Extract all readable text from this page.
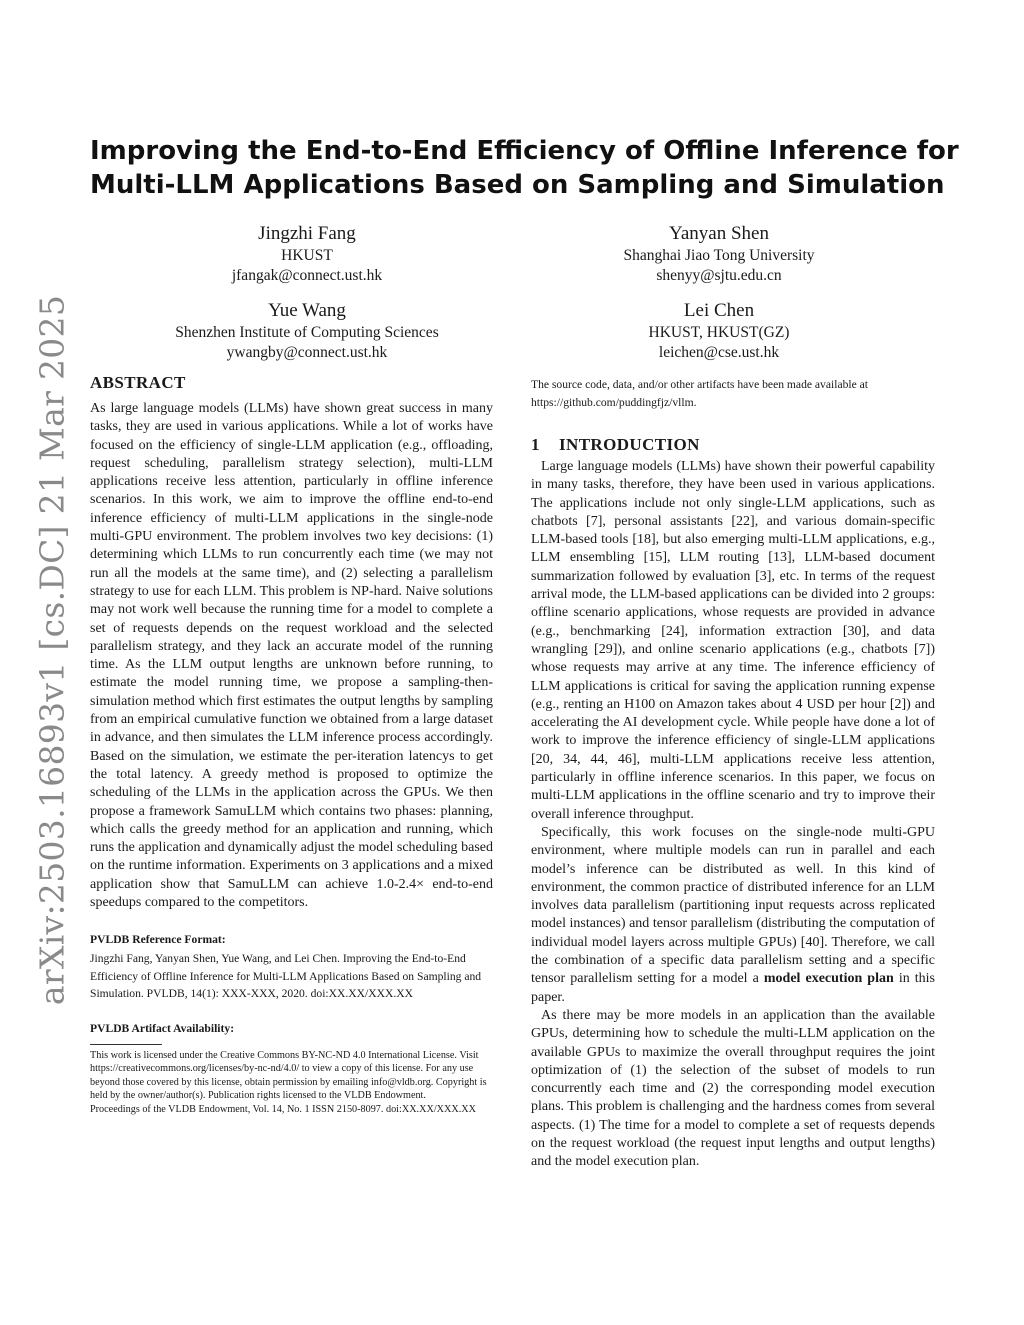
arXiv:2503.16893v1 [cs.DC] 21 Mar 2025
Improving the End-to-End Efficiency of Offline Inference for
Multi-LLM Applications Based on Sampling and Simulation
Jingzhi Fang
HKUST
jfangak@connect.ust.hk
Yanyan Shen
Shanghai Jiao Tong University
shenyy@sjtu.edu.cn
Yue Wang
Shenzhen Institute of Computing Sciences
ywangby@connect.ust.hk
Lei Chen
HKUST, HKUST(GZ)
leichen@cse.ust.hk
ABSTRACT

As large language models (LLMs) have shown great success in many tasks, they are used in various applications. While a lot of works have focused on the efficiency of single-LLM application (e.g., offloading, request scheduling, parallelism strategy selection), multi-LLM applications receive less attention, particularly in offline inference scenarios. In this work, we aim to improve the offline end-to-end inference efficiency of multi-LLM applications in the single-node multi-GPU environment. The problem involves two key decisions: (1) determining which LLMs to run concurrently each time (we may not run all the models at the same time), and (2) selecting a parallelism strategy to use for each LLM. This problem is NP-hard. Naive solutions may not work well because the running time for a model to complete a set of requests depends on the request workload and the selected parallelism strategy, and they lack an accurate model of the running time. As the LLM output lengths are unknown before running, to estimate the model running time, we propose a sampling-then-simulation method which first estimates the output lengths by sampling from an empirical cumulative function we obtained from a large dataset in advance, and then simulates the LLM inference process accordingly. Based on the simulation, we estimate the per-iteration latencys to get the total latency. A greedy method is proposed to optimize the scheduling of the LLMs in the application across the GPUs. We then propose a framework SamuLLM which contains two phases: planning, which calls the greedy method for an application and running, which runs the application and dynamically adjust the model scheduling based on the runtime information. Experiments on 3 applications and a mixed application show that SamuLLM can achieve 1.0-2.4× end-to-end speedups compared to the competitors.

PVLDB Reference Format:

Jingzhi Fang, Yanyan Shen, Yue Wang, and Lei Chen. Improving the End-to-End Efficiency of Offline Inference for Multi-LLM Applications Based on Sampling and Simulation. PVLDB, 14(1): XXX-XXX, 2020. doi:XX.XX/XXX.XX

PVLDB Artifact Availability:

This work is licensed under the Creative Commons BY-NC-ND 4.0 International License. Visit https://creativecommons.org/licenses/by-nc-nd/4.0/ to view a copy of this license. For any use beyond those covered by this license, obtain permission by emailing info@vldb.org. Copyright is held by the owner/author(s). Publication rights licensed to the VLDB Endowment.

Proceedings of the VLDB Endowment, Vol. 14, No. 1 ISSN 2150-8097. doi:XX.XX/XXX.XX

The source code, data, and/or other artifacts have been made available at https://github.com/puddingfjz/vllm.

1 INTRODUCTION

Large language models (LLMs) have shown their powerful capability in many tasks, therefore, they have been used in various applications. The applications include not only single-LLM applications, such as chatbots [7], personal assistants [22], and various domain-specific LLM-based tools [18], but also emerging multi-LLM applications, e.g., LLM ensembling [15], LLM routing [13], LLM-based document summarization followed by evaluation [3], etc. In terms of the request arrival mode, the LLM-based applications can be divided into 2 groups: offline scenario applications, whose requests are provided in advance (e.g., benchmarking [24], information extraction [30], and data wrangling [29]), and online scenario applications (e.g., chatbots [7]) whose requests may arrive at any time. The inference efficiency of LLM applications is critical for saving the application running expense (e.g., renting an H100 on Amazon takes about 4 USD per hour [2]) and accelerating the AI development cycle. While people have done a lot of work to improve the inference efficiency of single-LLM applications [20, 34, 44, 46], multi-LLM applications receive less attention, particularly in offline inference scenarios. In this paper, we focus on multi-LLM applications in the offline scenario and try to improve their overall inference throughput.

Specifically, this work focuses on the single-node multi-GPU environment, where multiple models can run in parallel and each model’s inference can be distributed as well. In this kind of environment, the common practice of distributed inference for an LLM involves data parallelism (partitioning input requests across replicated model instances) and tensor parallelism (distributing the computation of individual model layers across multiple GPUs) [40]. Therefore, we call the combination of a specific data parallelism setting and a specific tensor parallelism setting for a model a model execution plan in this paper.

As there may be more models in an application than the available GPUs, determining how to schedule the multi-LLM application on the available GPUs to maximize the overall throughput requires the joint optimization of (1) the selection of the subset of models to run concurrently each time and (2) the corresponding model execution plans. This problem is challenging and the hardness comes from several aspects. (1) The time for a model to complete a set of requests depends on the request workload (the request input lengths and output lengths) and the model execution plan.
